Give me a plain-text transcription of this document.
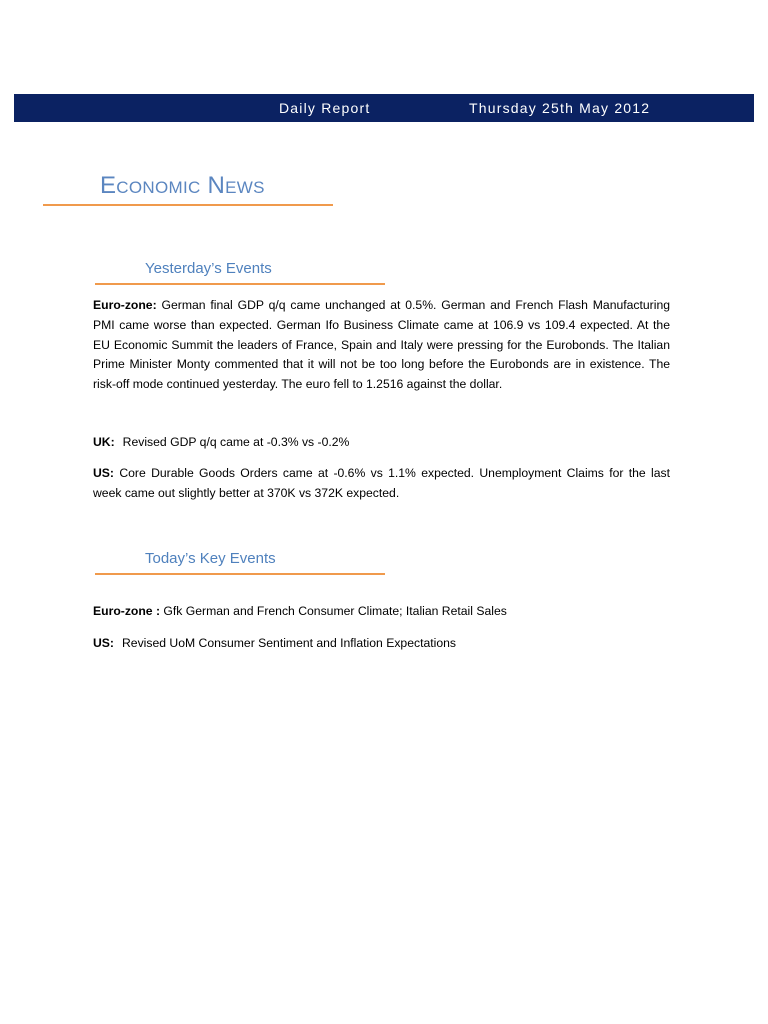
Daily Report	Thursday 25th May 2012
Economic News
Yesterday’s Events
Euro-zone: German final GDP q/q came unchanged at 0.5%. German and French Flash Manufacturing PMI came worse than expected. German Ifo Business Climate came at 106.9 vs 109.4 expected. At the EU Economic Summit the leaders of France, Spain and Italy were pressing for the Eurobonds. The Italian Prime Minister Monty commented that it will not be too long before the Eurobonds are in existence. The risk-off mode continued yesterday. The euro fell to 1.2516 against the dollar.
UK: Revised GDP q/q came at -0.3% vs -0.2%
US: Core Durable Goods Orders came at -0.6% vs 1.1% expected. Unemployment Claims for the last week came out slightly better at 370K vs 372K expected.
Today’s Key Events
Euro-zone : Gfk German and French Consumer Climate; Italian Retail Sales
US: Revised UoM Consumer Sentiment and Inflation Expectations
